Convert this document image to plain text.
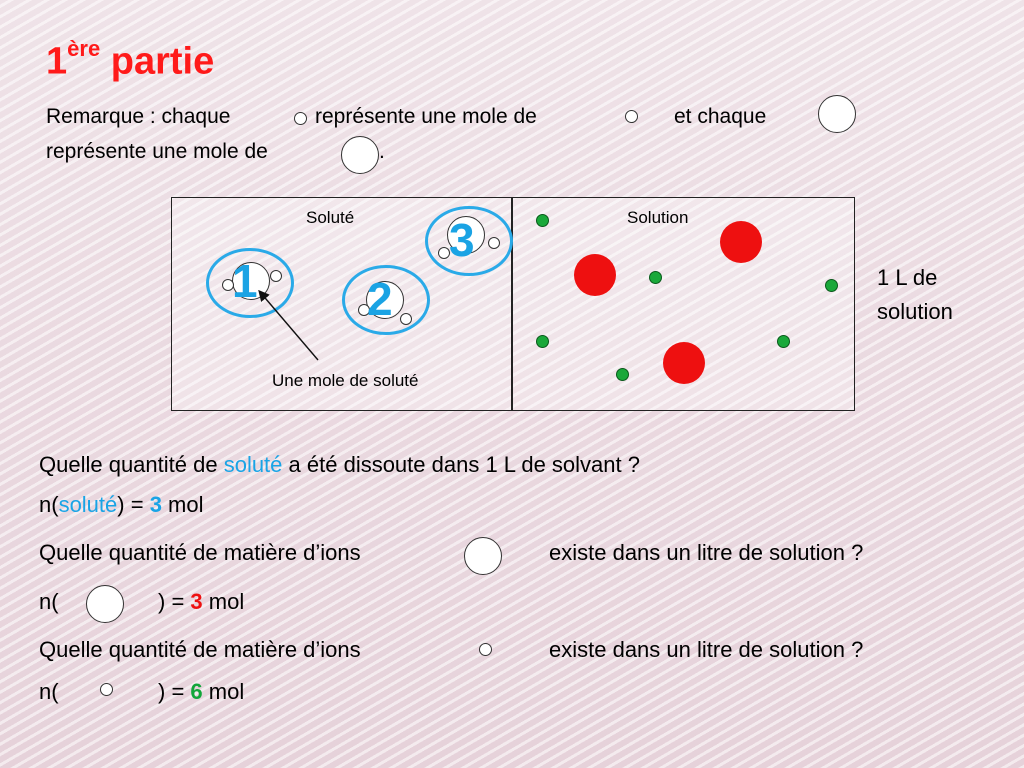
1ère partie
Remarque : chaque	représente une mole de	et chaque
représente une mole de	.
Soluté	Solution
1 2
3
Une mole de soluté
1 L de
solution
Quelle quantité de soluté a été dissoute dans 1 L de solvant ?
n(soluté) = 3 mol
Quelle quantité de matière d’ions	existe dans un litre de solution ?
n(	) = 3 mol
Quelle quantité de matière d’ions	existe dans un litre de solution ?
n(	) = 6 mol
